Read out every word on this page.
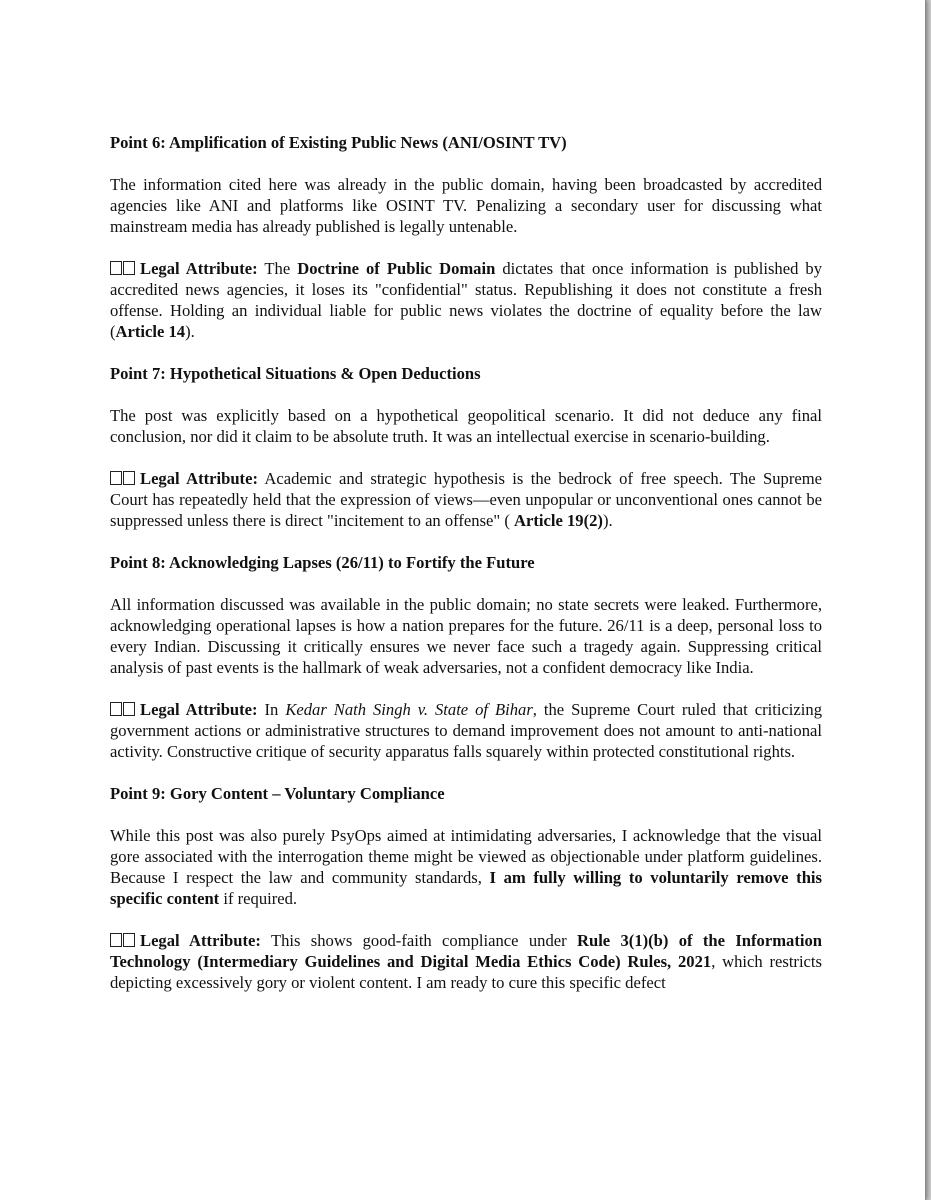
Point 6: Amplification of Existing Public News (ANI/OSINT TV)
The information cited here was already in the public domain, having been broadcasted by accredited agencies like ANI and platforms like OSINT TV. Penalizing a secondary user for discussing what mainstream media has already published is legally untenable.
Legal Attribute: The Doctrine of Public Domain dictates that once information is published by accredited news agencies, it loses its "confidential" status. Republishing it does not constitute a fresh offense. Holding an individual liable for public news violates the doctrine of equality before the law (Article 14).
Point 7: Hypothetical Situations & Open Deductions
The post was explicitly based on a hypothetical geopolitical scenario. It did not deduce any final conclusion, nor did it claim to be absolute truth. It was an intellectual exercise in scenario-building.
Legal Attribute: Academic and strategic hypothesis is the bedrock of free speech. The Supreme Court has repeatedly held that the expression of views—even unpopular or unconventional ones cannot be suppressed unless there is direct "incitement to an offense" ( Article 19(2)).
Point 8: Acknowledging Lapses (26/11) to Fortify the Future
All information discussed was available in the public domain; no state secrets were leaked. Furthermore, acknowledging operational lapses is how a nation prepares for the future. 26/11 is a deep, personal loss to every Indian. Discussing it critically ensures we never face such a tragedy again. Suppressing critical analysis of past events is the hallmark of weak adversaries, not a confident democracy like India.
Legal Attribute: In Kedar Nath Singh v. State of Bihar, the Supreme Court ruled that criticizing government actions or administrative structures to demand improvement does not amount to anti-national activity. Constructive critique of security apparatus falls squarely within protected constitutional rights.
Point 9: Gory Content – Voluntary Compliance
While this post was also purely PsyOps aimed at intimidating adversaries, I acknowledge that the visual gore associated with the interrogation theme might be viewed as objectionable under platform guidelines. Because I respect the law and community standards, I am fully willing to voluntarily remove this specific content if required.
Legal Attribute: This shows good-faith compliance under Rule 3(1)(b) of the Information Technology (Intermediary Guidelines and Digital Media Ethics Code) Rules, 2021, which restricts depicting excessively gory or violent content. I am ready to cure this specific defect
